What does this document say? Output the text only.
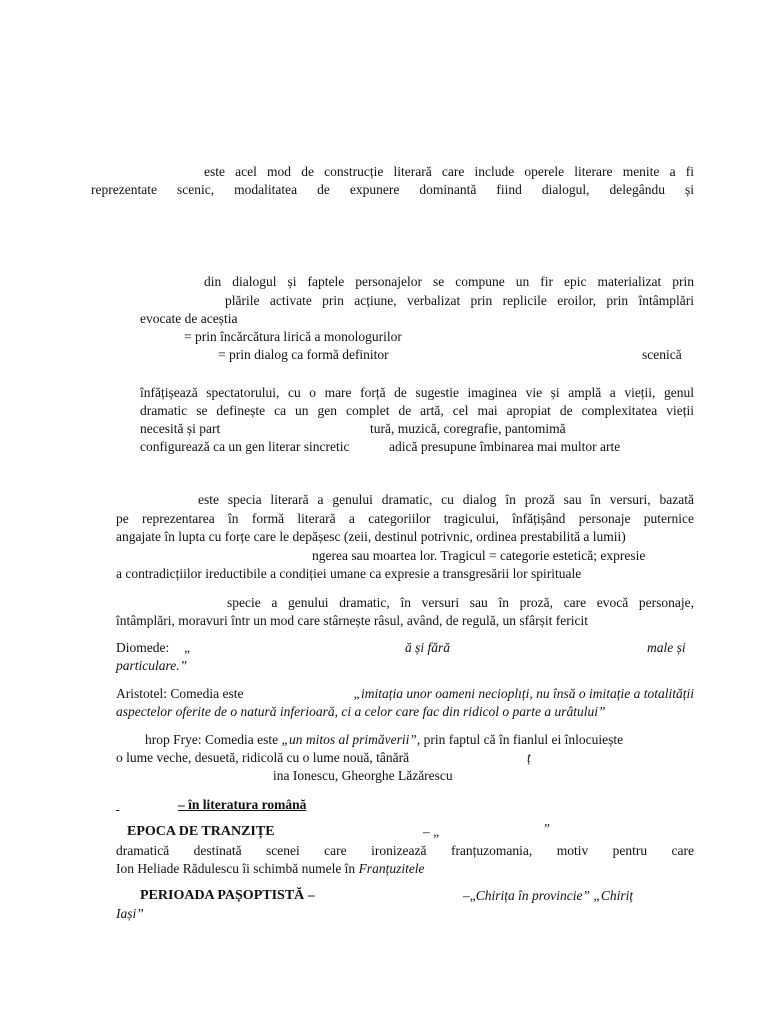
este acel mod de construcție literară care include operele literare menite a fi
reprezentate scenic, modalitatea de expunere dominantă fiind dialogul, delegându și
din dialogul și faptele personajelor se compune un fir epic materializat prin
plările activate prin acțiune, verbalizat prin replicile eroilor, prin întâmplări
evocate de aceștia
= prin încărcătura lirică a monologurilor
= prin dialog ca formă definitor	scenică
înfățișează spectatorului, cu o mare forță de sugestie imaginea vie și amplă a vieții, genul
dramatic se definește ca un gen complet de artă, cel mai apropiat de complexitatea vieții
necesită și part	tură, muzică, coregrafie, pantomimă
configurează ca un gen literar sincretic	adică presupune îmbinarea mai multor arte
este specia literară a genului dramatic, cu dialog în proză sau în versuri, bazată
pe reprezentarea în formă literară a categoriilor tragicului, înfățișând personaje puternice
angajate în lupta cu forțe care le depășesc (zeii, destinul potrivnic, ordinea prestabilită a lumii)
ngerea sau moartea lor. Tragicul = categorie estetică; expresie
a contradicțiilor ireductibile a condiției umane ca expresie a transgresării lor spirituale
specie a genului dramatic, în versuri sau în proză, care evocă personaje,
întâmplări, moravuri într un mod care stârnește râsul, având, de regulă, un sfârșit fericit
Diomede: „	ă și fără	male și
particulare.”
Aristotel: Comedia este	„imitația unor oameni necioplıți, nu însă o imitație a totalității
aspectelor oferite de o natură inferioară, ci a celor care fac din ridicol o parte a urâtului”
hrop Frye: Comedia este „un mitos al primăverii”, prin faptul că în fianlul ei înlocuiește
o lume veche, desuetă, ridicolă cu o lume nouă, tânără	ț
ina Ionescu, Gheorghe Lăzărescu
– în literatura română
EPOCA DE TRANZIȚE	– „	”
dramatică destinată scenei care ironizează franțuzomania, motiv pentru care
Ion Heliade Rădulescu îi schimbă numele în Franțuzitele
PERIOADA PAȘOPTISTĂ –	–„Chirița în provincie” „Chiriț
Iași”
